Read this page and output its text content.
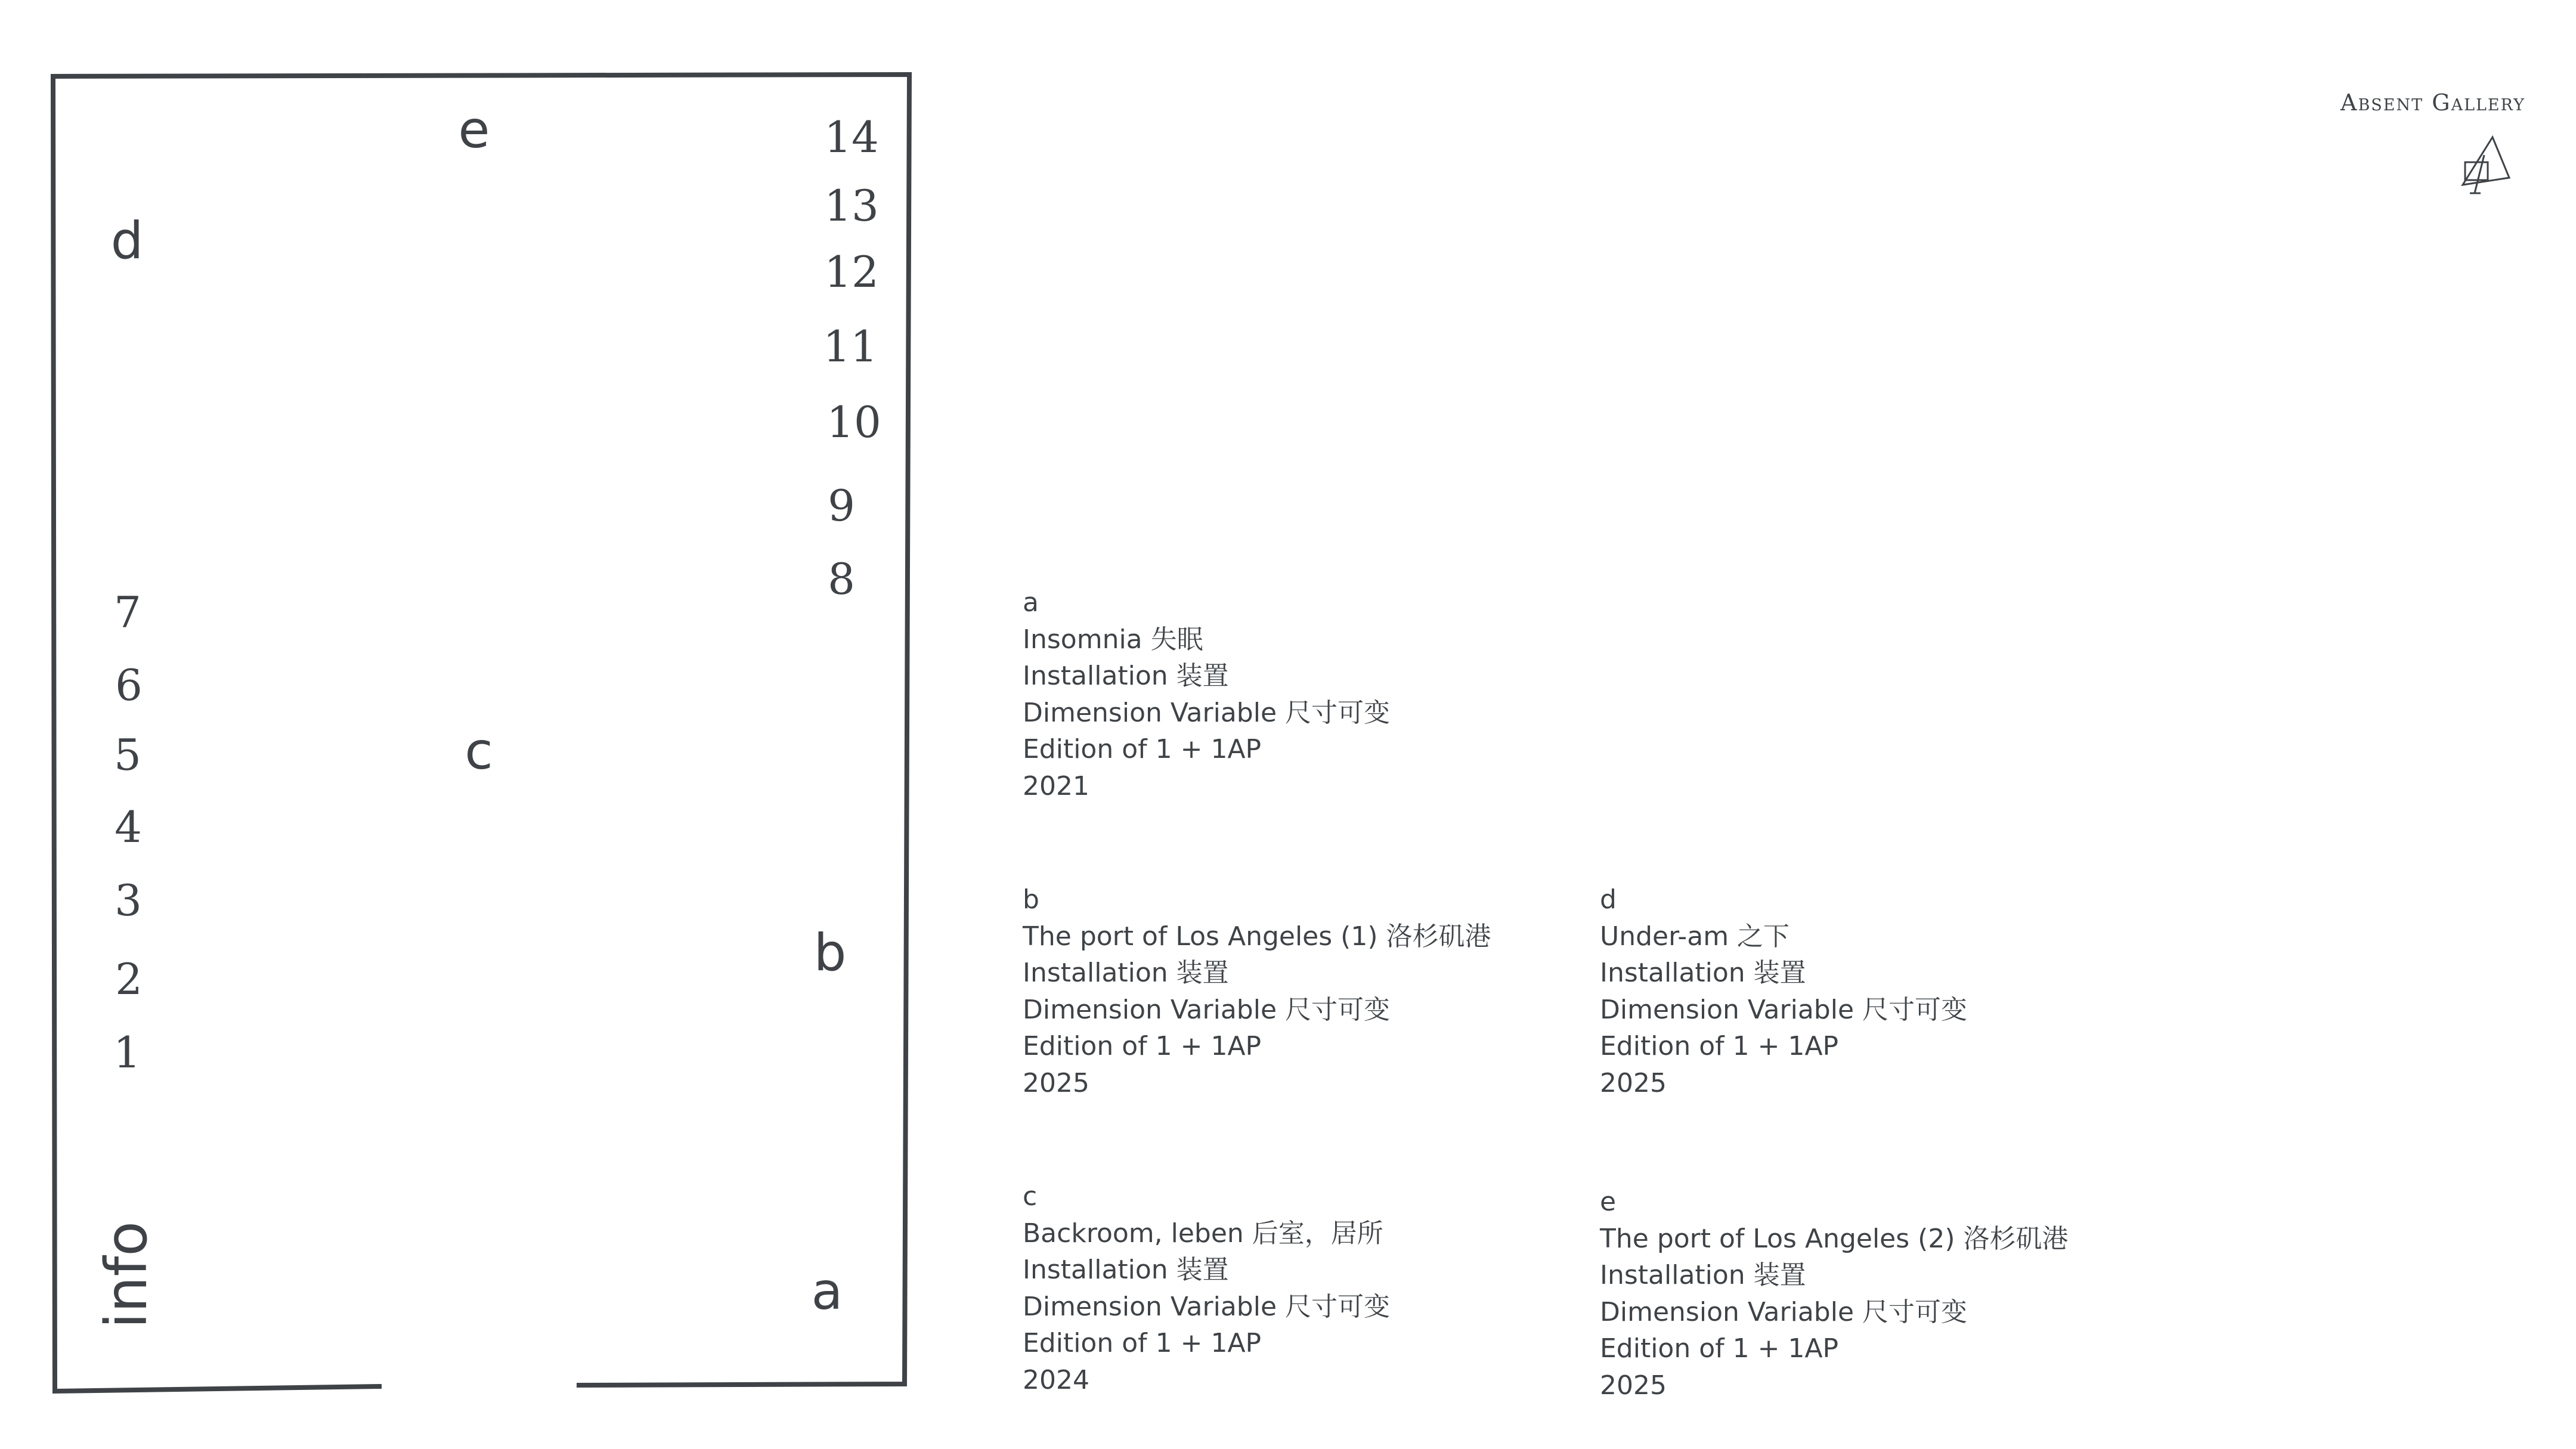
e
d
c
b
a
info
7
6
5
4
3
2
1
14
13
12
11
10
9
8
Absent Gallery
a
Insomnia 失眠
Installation 装置
Dimension Variable 尺寸可变
Edition of 1 + 1AP
2021
b
The port of Los Angeles (1) 洛杉矶港
Installation 装置
Dimension Variable 尺寸可变
Edition of 1 + 1AP
2025
c
Backroom, leben 后室，居所
Installation 装置
Dimension Variable 尺寸可变
Edition of 1 + 1AP
2024
d
Under-am 之下
Installation 装置
Dimension Variable 尺寸可变
Edition of 1 + 1AP
2025
e
The port of Los Angeles (2) 洛杉矶港
Installation 装置
Dimension Variable 尺寸可变
Edition of 1 + 1AP
2025
